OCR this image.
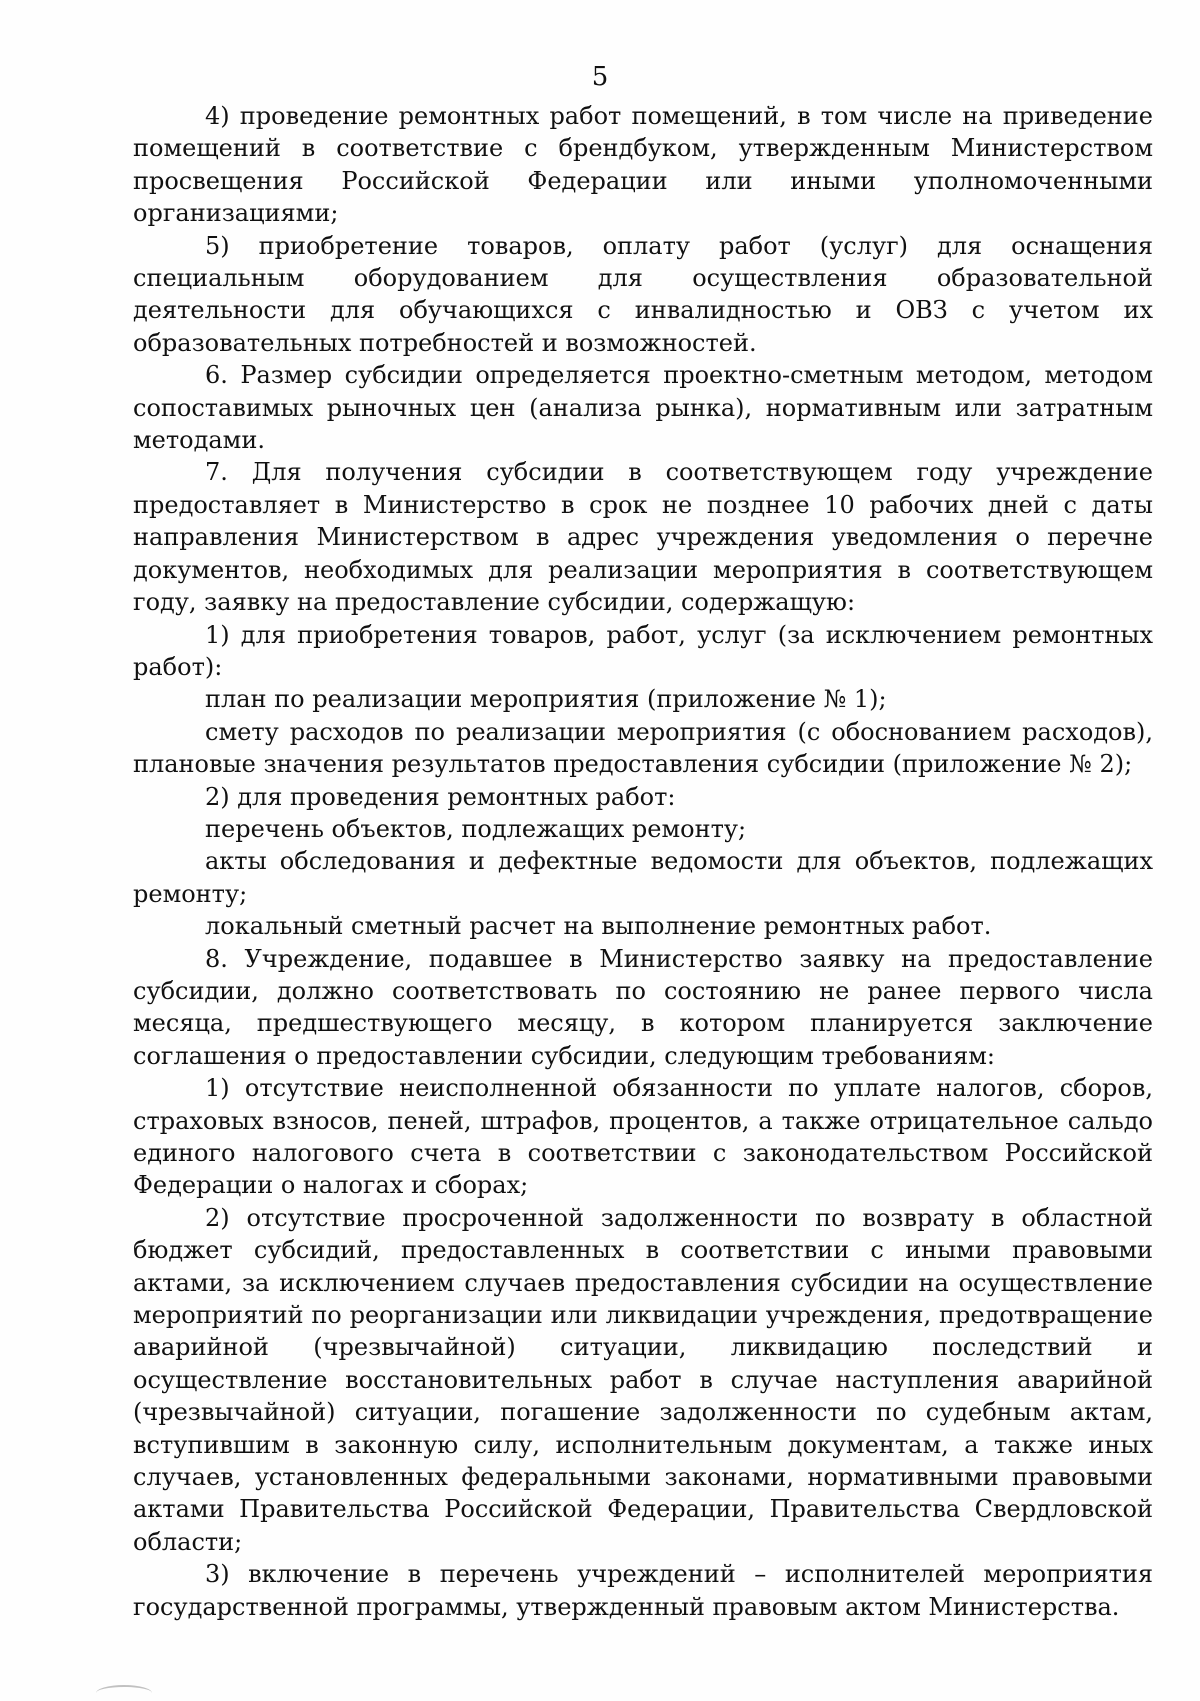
5

4) проведение ремонтных работ помещений, в том числе на приведение помещений в соответствие с брендбуком, утвержденным Министерством просвещения Российской Федерации или иными уполномоченными организациями;

5) приобретение товаров, оплату работ (услуг) для оснащения специальным оборудованием для осуществления образовательной деятельности для обучающихся с инвалидностью и ОВЗ с учетом их образовательных потребностей и возможностей.

6. Размер субсидии определяется проектно-сметным методом, методом сопоставимых рыночных цен (анализа рынка), нормативным или затратным методами.

7. Для получения субсидии в соответствующем году учреждение предоставляет в Министерство в срок не позднее 10 рабочих дней с даты направления Министерством в адрес учреждения уведомления о перечне документов, необходимых для реализации мероприятия в соответствующем году, заявку на предоставление субсидии, содержащую:

1) для приобретения товаров, работ, услуг (за исключением ремонтных работ):

план по реализации мероприятия (приложение № 1);

смету расходов по реализации мероприятия (с обоснованием расходов), плановые значения результатов предоставления субсидии (приложение № 2);

2) для проведения ремонтных работ:

перечень объектов, подлежащих ремонту;

акты обследования и дефектные ведомости для объектов, подлежащих ремонту;

локальный сметный расчет на выполнение ремонтных работ.

8. Учреждение, подавшее в Министерство заявку на предоставление субсидии, должно соответствовать по состоянию не ранее первого числа месяца, предшествующего месяцу, в котором планируется заключение соглашения о предоставлении субсидии, следующим требованиям:

1) отсутствие неисполненной обязанности по уплате налогов, сборов, страховых взносов, пеней, штрафов, процентов, а также отрицательное сальдо единого налогового счета в соответствии с законодательством Российской Федерации о налогах и сборах;

2) отсутствие просроченной задолженности по возврату в областной бюджет субсидий, предоставленных в соответствии с иными правовыми актами, за исключением случаев предоставления субсидии на осуществление мероприятий по реорганизации или ликвидации учреждения, предотвращение аварийной (чрезвычайной) ситуации, ликвидацию последствий и осуществление восстановительных работ в случае наступления аварийной (чрезвычайной) ситуации, погашение задолженности по судебным актам, вступившим в законную силу, исполнительным документам, а также иных случаев, установленных федеральными законами, нормативными правовыми актами Правительства Российской Федерации, Правительства Свердловской области;

3) включение в перечень учреждений – исполнителей мероприятия государственной программы, утвержденный правовым актом Министерства.
